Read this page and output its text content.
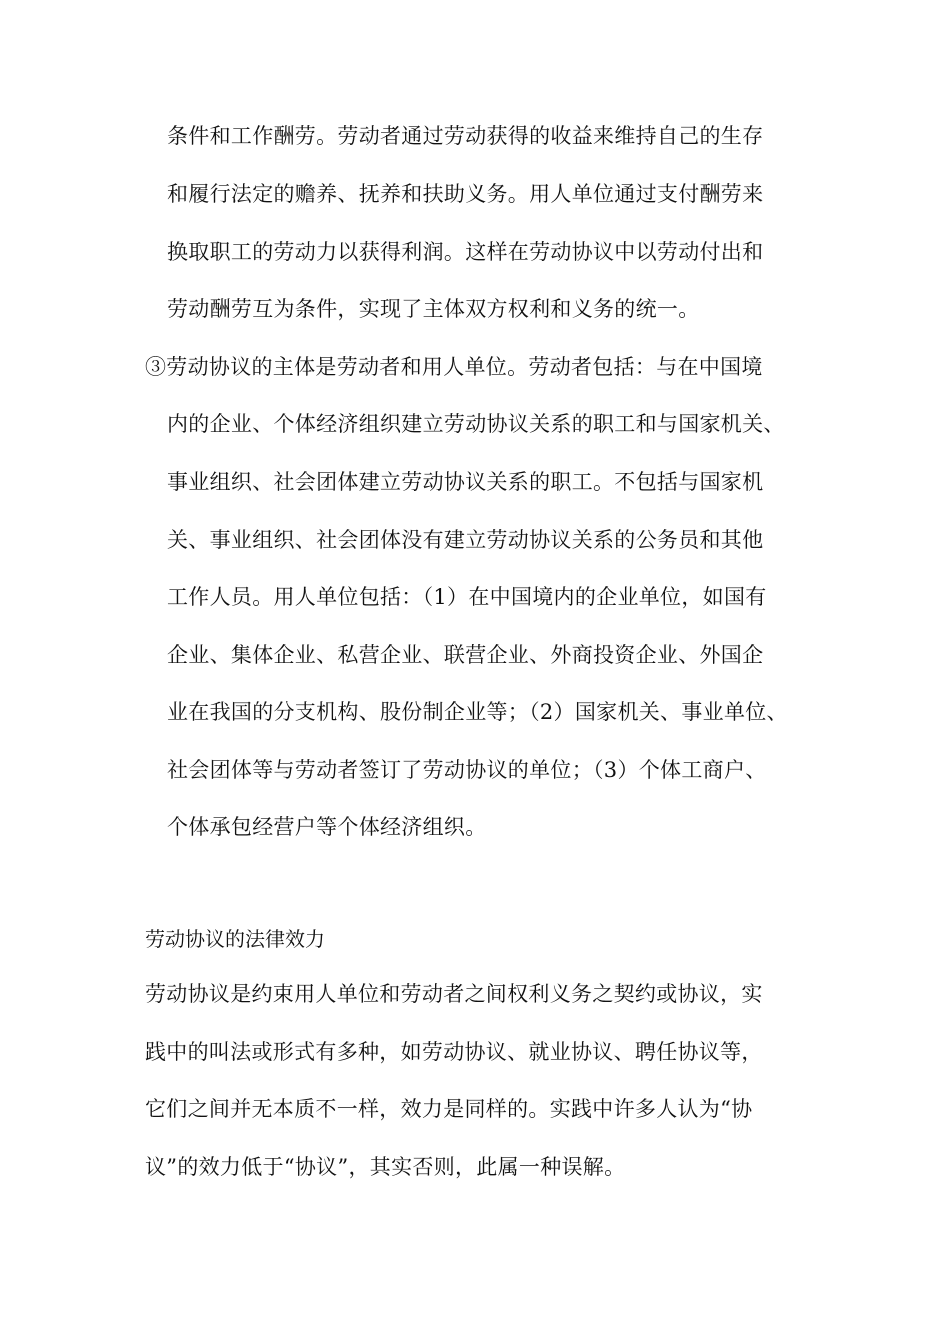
条件和工作酬劳。劳动者通过劳动获得的收益来维持自己的生存
和履行法定的赡养、抚养和扶助义务。用人单位通过支付酬劳来
换取职工的劳动力以获得利润。这样在劳动协议中以劳动付出和
劳动酬劳互为条件，实现了主体双方权利和义务的统一。
③劳动协议的主体是劳动者和用人单位。劳动者包括：与在中国境
内的企业、个体经济组织建立劳动协议关系的职工和与国家机关、
事业组织、社会团体建立劳动协议关系的职工。不包括与国家机
关、事业组织、社会团体没有建立劳动协议关系的公务员和其他
工作人员。用人单位包括：（1）在中国境内的企业单位，如国有
企业、集体企业、私营企业、联营企业、外商投资企业、外国企
业在我国的分支机构、股份制企业等；（2）国家机关、事业单位、
社会团体等与劳动者签订了劳动协议的单位；（3）个体工商户、
个体承包经营户等个体经济组织。
劳动协议的法律效力
劳动协议是约束用人单位和劳动者之间权利义务之契约或协议，实
践中的叫法或形式有多种，如劳动协议、就业协议、聘任协议等，
它们之间并无本质不一样，效力是同样的。实践中许多人认为“协
议”的效力低于“协议”，其实否则，此属一种误解。
